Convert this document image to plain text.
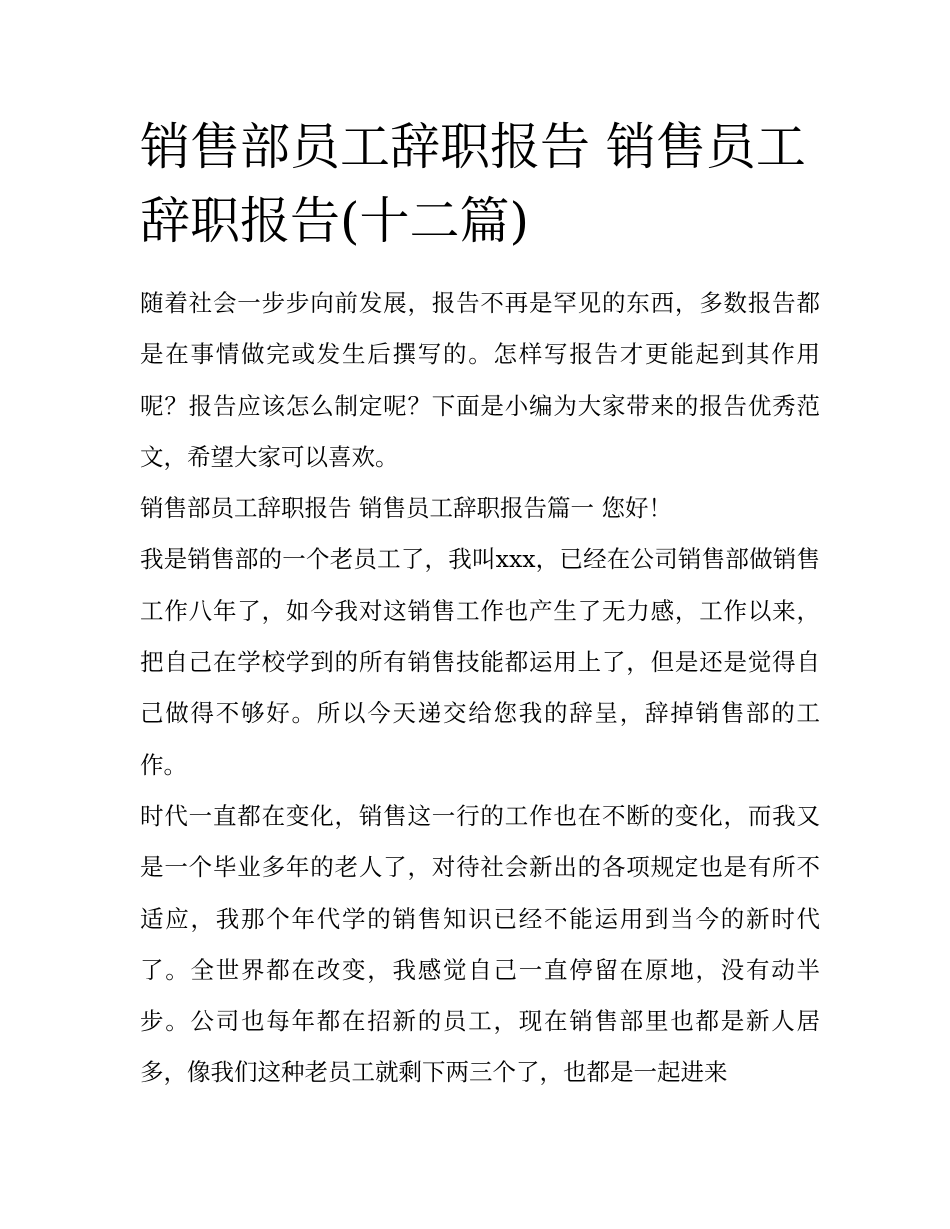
销售部员工辞职报告 销售员工辞职报告(十二篇)

随着社会一步步向前发展，报告不再是罕见的东西，多数报告都是在事情做完或发生后撰写的。怎样写报告才更能起到其作用呢？报告应该怎么制定呢？下面是小编为大家带来的报告优秀范文，希望大家可以喜欢。

销售部员工辞职报告 销售员工辞职报告篇一 您好！

我是销售部的一个老员工了，我叫xxx，已经在公司销售部做销售工作八年了，如今我对这销售工作也产生了无力感，工作以来，把自己在学校学到的所有销售技能都运用上了，但是还是觉得自己做得不够好。所以今天递交给您我的辞呈，辞掉销售部的工作。

时代一直都在变化，销售这一行的工作也在不断的变化，而我又是一个毕业多年的老人了，对待社会新出的各项规定也是有所不适应，我那个年代学的销售知识已经不能运用到当今的新时代了。全世界都在改变，我感觉自己一直停留在原地，没有动半步。公司也每年都在招新的员工，现在销售部里也都是新人居多，像我们这种老员工就剩下两三个了，也都是一起进来
